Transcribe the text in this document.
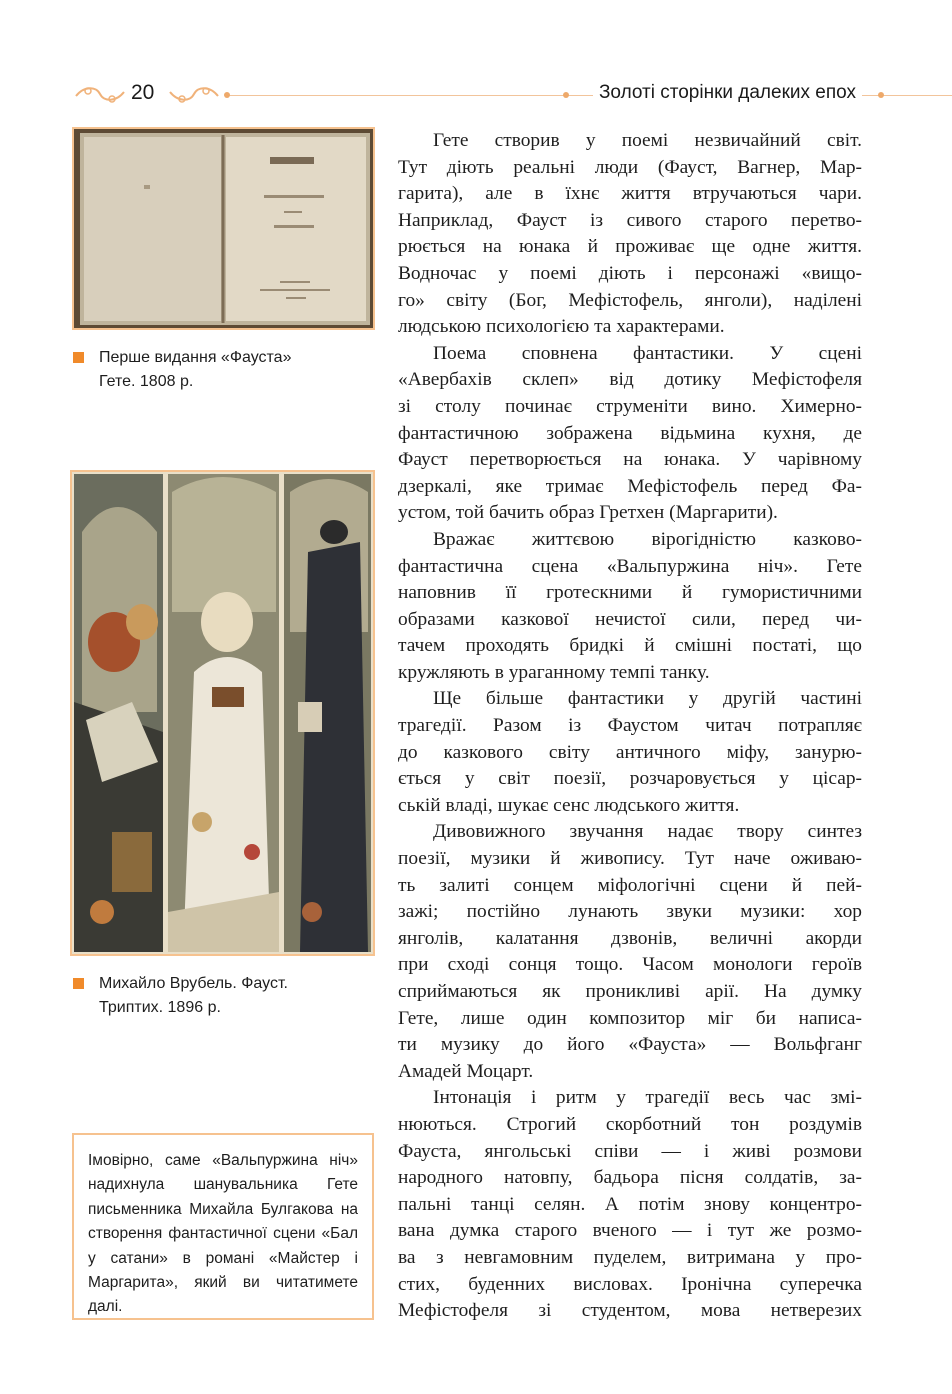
20	Золоті сторінки далеких епох
Перше видання «Фауста»
Гете. 1808 р.
Михайло Врубель. Фауст.
Триптих. 1896 р.
Імовірно, саме «Вальпуржина ніч» надихнула шанувальника Гете письменника Михайла Булгакова на створення фантастичної сцени «Бал у сатани» в романі «Майстер і Маргарита», який ви читатимете далі.
Гете створив у поемі незвичайний світ.
Тут діють реальні люди (Фауст, Вагнер, Мар-
гарита), але в їхнє життя втручаються чари.
Наприклад, Фауст із сивого старого перетво-
рюється на юнака й проживає ще одне життя.
Водночас у поемі діють і персонажі «вищо-
го» світу (Бог, Мефістофель, янголи), наділені
людською психологією та характерами.
Поема сповнена фантастики. У сцені
«Авербахів склеп» від дотику Мефістофеля
зі столу починає струменіти вино. Химерно-
фантастичною зображена відьмина кухня, де
Фауст перетворюється на юнака. У чарівному
дзеркалі, яке тримає Мефістофель перед Фа-
устом, той бачить образ Гретхен (Маргарити).
Вражає життєвою вірогідністю казково-
фантастична сцена «Вальпуржина ніч». Гете
наповнив її гротескними й гумористичними
образами казкової нечистої сили, перед чи-
тачем проходять бридкі й смішні постаті, що
кружляють в ураганному темпі танку.
Ще більше фантастики у другій частині
трагедії. Разом із Фаустом читач потрапляє
до казкового світу античного міфу, занурю-
ється у світ поезії, розчаровується у цісар-
ській владі, шукає сенс людського життя.
Дивовижного звучання надає твору синтез
поезії, музики й живопису. Тут наче оживаю-
ть залиті сонцем міфологічні сцени й пей-
зажі; постійно лунають звуки музики: хор
янголів, калатання дзвонів, величні акорди
при сході сонця тощо. Часом монологи героїв
сприймаються як проникливі арії. На думку
Гете, лише один композитор міг би написа-
ти музику до його «Фауста» — Вольфганг
Амадей Моцарт.
Інтонація і ритм у трагедії весь час змі-
нюються. Строгий скорботний тон роздумів
Фауста, янгольські співи — і живі розмови
народного натовпу, бадьора пісня солдатів, за-
пальні танці селян. А потім знову концентро-
вана думка старого вченого — і тут же розмо-
ва з невгамовним пуделем, витримана у про-
стих, буденних висловах. Іронічна суперечка
Мефістофеля зі студентом, мова нетверезих
